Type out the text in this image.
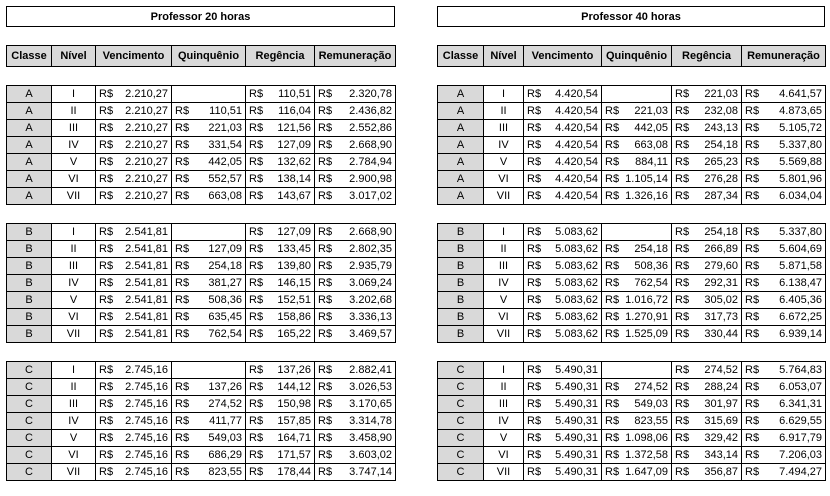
Professor 20 horas
Classe	Nível	Vencimento	Quinquênio	Regência	Remuneração

A	I	R$ 2.210,27		R$ 110,51	R$ 2.320,78

A	II	R$ 2.210,27	R$ 110,51	R$ 116,04	R$ 2.436,82

A	III	R$ 2.210,27	R$ 221,03	R$ 121,56	R$ 2.552,86

A	IV	R$ 2.210,27	R$ 331,54	R$ 127,09	R$ 2.668,90

A	V	R$ 2.210,27	R$ 442,05	R$ 132,62	R$ 2.784,94

A	VI	R$ 2.210,27	R$ 552,57	R$ 138,14	R$ 2.900,98

A	VII	R$ 2.210,27	R$ 663,08	R$ 143,67	R$ 3.017,02

B	I	R$ 2.541,81		R$ 127,09	R$ 2.668,90

B	II	R$ 2.541,81	R$ 127,09	R$ 133,45	R$ 2.802,35

B	III	R$ 2.541,81	R$ 254,18	R$ 139,80	R$ 2.935,79

B	IV	R$ 2.541,81	R$ 381,27	R$ 146,15	R$ 3.069,24

B	V	R$ 2.541,81	R$ 508,36	R$ 152,51	R$ 3.202,68

B	VI	R$ 2.541,81	R$ 635,45	R$ 158,86	R$ 3.336,13

B	VII	R$ 2.541,81	R$ 762,54	R$ 165,22	R$ 3.469,57

C	I	R$ 2.745,16		R$ 137,26	R$ 2.882,41

C	II	R$ 2.745,16	R$ 137,26	R$ 144,12	R$ 3.026,53

C	III	R$ 2.745,16	R$ 274,52	R$ 150,98	R$ 3.170,65

C	IV	R$ 2.745,16	R$ 411,77	R$ 157,85	R$ 3.314,78

C	V	R$ 2.745,16	R$ 549,03	R$ 164,71	R$ 3.458,90

C	VI	R$ 2.745,16	R$ 686,29	R$ 171,57	R$ 3.603,02

C	VII	R$ 2.745,16	R$ 823,55	R$ 178,44	R$ 3.747,14
Professor 40 horas
Classe	Nível	Vencimento	Quinquênio	Regência	Remuneração

A	I	R$ 4.420,54		R$ 221,03	R$ 4.641,57

A	II	R$ 4.420,54	R$ 221,03	R$ 232,08	R$ 4.873,65

A	III	R$ 4.420,54	R$ 442,05	R$ 243,13	R$ 5.105,72

A	IV	R$ 4.420,54	R$ 663,08	R$ 254,18	R$ 5.337,80

A	V	R$ 4.420,54	R$ 884,11	R$ 265,23	R$ 5.569,88

A	VI	R$ 4.420,54	R$ 1.105,14	R$ 276,28	R$ 5.801,96

A	VII	R$ 4.420,54	R$ 1.326,16	R$ 287,34	R$ 6.034,04

B	I	R$ 5.083,62		R$ 254,18	R$ 5.337,80

B	II	R$ 5.083,62	R$ 254,18	R$ 266,89	R$ 5.604,69

B	III	R$ 5.083,62	R$ 508,36	R$ 279,60	R$ 5.871,58

B	IV	R$ 5.083,62	R$ 762,54	R$ 292,31	R$ 6.138,47

B	V	R$ 5.083,62	R$ 1.016,72	R$ 305,02	R$ 6.405,36

B	VI	R$ 5.083,62	R$ 1.270,91	R$ 317,73	R$ 6.672,25

B	VII	R$ 5.083,62	R$ 1.525,09	R$ 330,44	R$ 6.939,14

C	I	R$ 5.490,31		R$ 274,52	R$ 5.764,83

C	II	R$ 5.490,31	R$ 274,52	R$ 288,24	R$ 6.053,07

C	III	R$ 5.490,31	R$ 549,03	R$ 301,97	R$ 6.341,31

C	IV	R$ 5.490,31	R$ 823,55	R$ 315,69	R$ 6.629,55

C	V	R$ 5.490,31	R$ 1.098,06	R$ 329,42	R$ 6.917,79

C	VI	R$ 5.490,31	R$ 1.372,58	R$ 343,14	R$ 7.206,03

C	VII	R$ 5.490,31	R$ 1.647,09	R$ 356,87	R$ 7.494,27
